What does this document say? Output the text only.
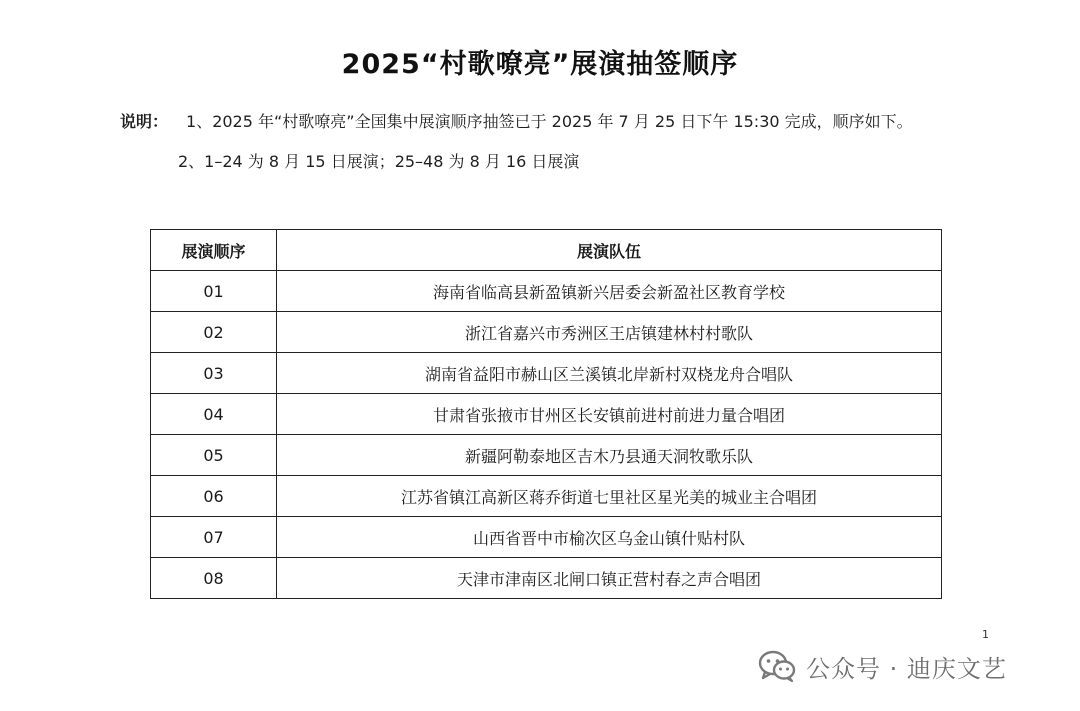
2025“村歌嘹亮”展演抽签顺序
说明： 1、2025 年“村歌嘹亮”全国集中展演顺序抽签已于 2025 年 7 月 25 日下午 15:30 完成，顺序如下。
2、1–24 为 8 月 15 日展演；25–48 为 8 月 16 日展演
展演顺序	展演队伍
01	海南省临高县新盈镇新兴居委会新盈社区教育学校
02	浙江省嘉兴市秀洲区王店镇建林村村歌队
03	湖南省益阳市赫山区兰溪镇北岸新村双桡龙舟合唱队
04	甘肃省张掖市甘州区长安镇前进村前进力量合唱团
05	新疆阿勒泰地区吉木乃县通天洞牧歌乐队
06	江苏省镇江高新区蒋乔街道七里社区星光美的城业主合唱团
07	山西省晋中市榆次区乌金山镇什贴村队
08	天津市津南区北闸口镇正营村春之声合唱团
1
公众号 · 迪庆文艺
